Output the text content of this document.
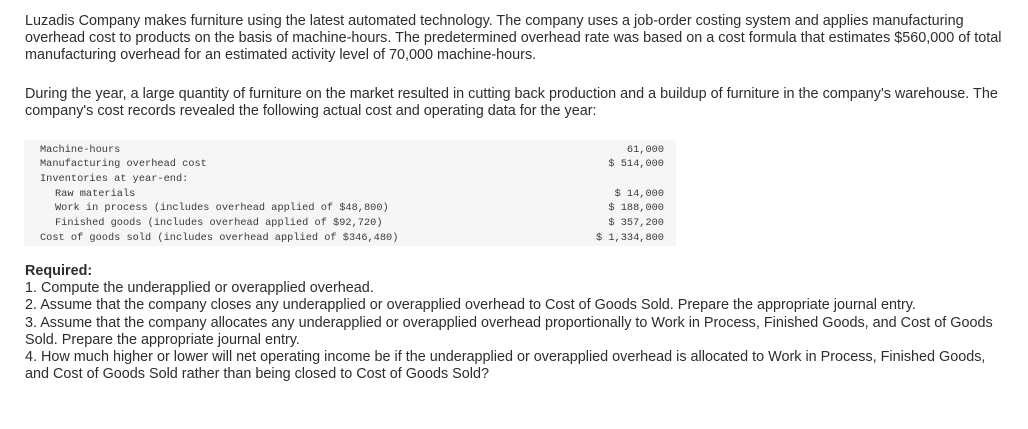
Luzadis Company makes furniture using the latest automated technology. The company uses a job-order costing system and applies manufacturing overhead cost to products on the basis of machine-hours. The predetermined overhead rate was based on a cost formula that estimates $560,000 of total manufacturing overhead for an estimated activity level of 70,000 machine-hours.

During the year, a large quantity of furniture on the market resulted in cutting back production and a buildup of furniture in the company's warehouse. The company's cost records revealed the following actual cost and operating data for the year:

Machine-hours	61,000
Manufacturing overhead cost	$ 514,000
Inventories at year-end:
Raw materials	$ 14,000
Work in process (includes overhead applied of $48,800)	$ 188,000
Finished goods (includes overhead applied of $92,720)	$ 357,200
Cost of goods sold (includes overhead applied of $346,480)	$ 1,334,800
Required:

1. Compute the underapplied or overapplied overhead.

2. Assume that the company closes any underapplied or overapplied overhead to Cost of Goods Sold. Prepare the appropriate journal entry.

3. Assume that the company allocates any underapplied or overapplied overhead proportionally to Work in Process, Finished Goods, and Cost of Goods Sold. Prepare the appropriate journal entry.

4. How much higher or lower will net operating income be if the underapplied or overapplied overhead is allocated to Work in Process, Finished Goods, and Cost of Goods Sold rather than being closed to Cost of Goods Sold?
